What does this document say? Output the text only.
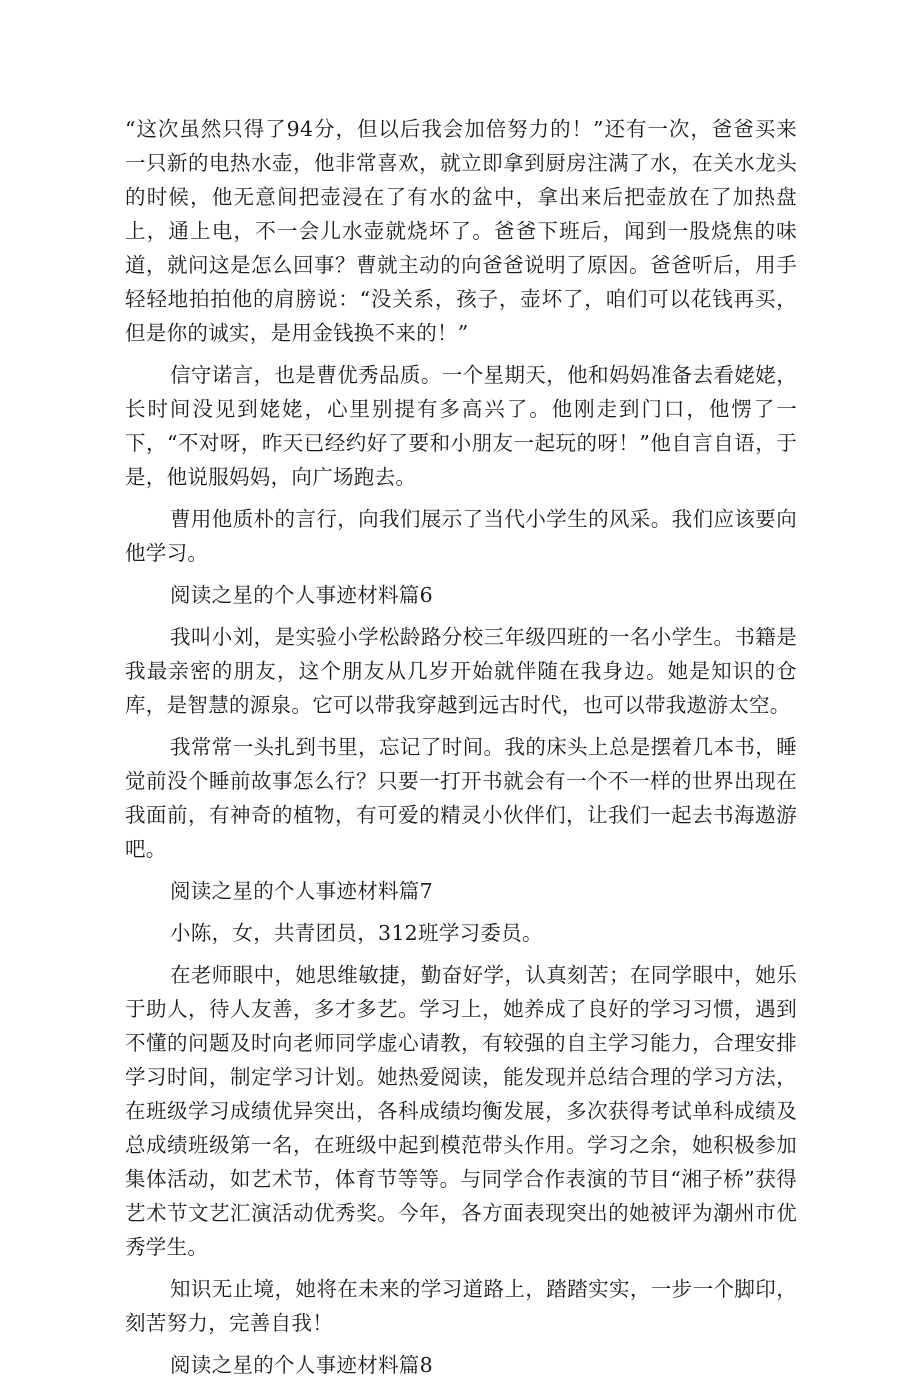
“这次虽然只得了94分，但以后我会加倍努力的！”还有一次，爸爸买来一只新的电热水壶，他非常喜欢，就立即拿到厨房注满了水，在关水龙头的时候，他无意间把壶浸在了有水的盆中，拿出来后把壶放在了加热盘上，通上电，不一会儿水壶就烧坏了。爸爸下班后，闻到一股烧焦的味道，就问这是怎么回事？曹就主动的向爸爸说明了原因。爸爸听后，用手轻轻地拍拍他的肩膀说：“没关系，孩子，壶坏了，咱们可以花钱再买，但是你的诚实，是用金钱换不来的！”

信守诺言，也是曹优秀品质。一个星期天，他和妈妈准备去看姥姥，长时间没见到姥姥，心里别提有多高兴了。他刚走到门口，他愣了一下，“不对呀，昨天已经约好了要和小朋友一起玩的呀！”他自言自语，于是，他说服妈妈，向广场跑去。

曹用他质朴的言行，向我们展示了当代小学生的风采。我们应该要向他学习。

阅读之星的个人事迹材料篇6

我叫小刘，是实验小学松龄路分校三年级四班的一名小学生。书籍是我最亲密的朋友，这个朋友从几岁开始就伴随在我身边。她是知识的仓库，是智慧的源泉。它可以带我穿越到远古时代，也可以带我遨游太空。

我常常一头扎到书里，忘记了时间。我的床头上总是摆着几本书，睡觉前没个睡前故事怎么行？只要一打开书就会有一个不一样的世界出现在我面前，有神奇的植物，有可爱的精灵小伙伴们，让我们一起去书海遨游吧。

阅读之星的个人事迹材料篇7

小陈，女，共青团员，312班学习委员。

在老师眼中，她思维敏捷，勤奋好学，认真刻苦；在同学眼中，她乐于助人，待人友善，多才多艺。学习上，她养成了良好的学习习惯，遇到不懂的问题及时向老师同学虚心请教，有较强的自主学习能力，合理安排学习时间，制定学习计划。她热爱阅读，能发现并总结合理的学习方法，在班级学习成绩优异突出，各科成绩均衡发展，多次获得考试单科成绩及总成绩班级第一名，在班级中起到模范带头作用。学习之余，她积极参加集体活动，如艺术节，体育节等等。与同学合作表演的节目“湘子桥”获得艺术节文艺汇演活动优秀奖。今年，各方面表现突出的她被评为潮州市优秀学生。

知识无止境，她将在未来的学习道路上，踏踏实实，一步一个脚印，刻苦努力，完善自我！

阅读之星的个人事迹材料篇8
